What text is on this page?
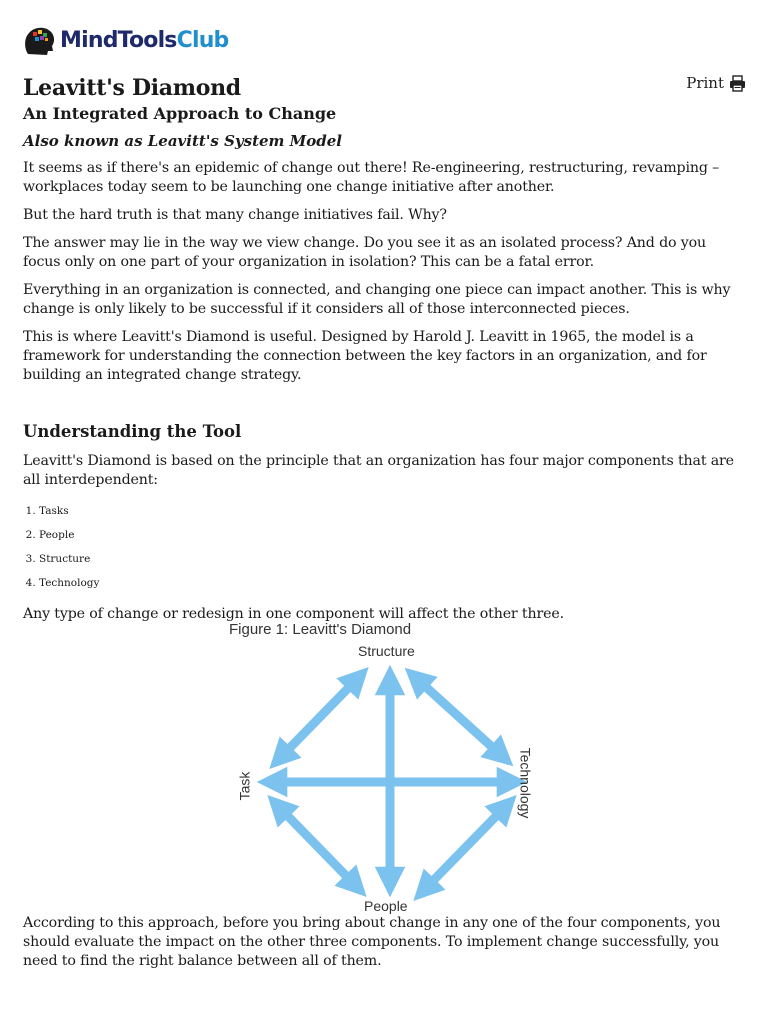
MindToolsClub
Print
Leavitt's Diamond
An Integrated Approach to Change
Also known as Leavitt's System Model

It seems as if there's an epidemic of change out there! Re-engineering, restructuring, revamping – workplaces today seem to be launching one change initiative after another.

But the hard truth is that many change initiatives fail. Why?

The answer may lie in the way we view change. Do you see it as an isolated process? And do you focus only on one part of your organization in isolation? This can be a fatal error.

Everything in an organization is connected, and changing one piece can impact another. This is why change is only likely to be successful if it considers all of those interconnected pieces.

This is where Leavitt's Diamond is useful. Designed by Harold J. Leavitt in 1965, the model is a framework for understanding the connection between the key factors in an organization, and for building an integrated change strategy.

Understanding the Tool

Leavitt's Diamond is based on the principle that an organization has four major components that are all interdependent:

1. Tasks
2. People
3. Structure
4. Technology

Any type of change or redesign in one component will affect the other three.

Figure 1: Leavitt's Diamond
Structure
People
Task	Technology

According to this approach, before you bring about change in any one of the four components, you should evaluate the impact on the other three components. To implement change successfully, you need to find the right balance between all of them.
